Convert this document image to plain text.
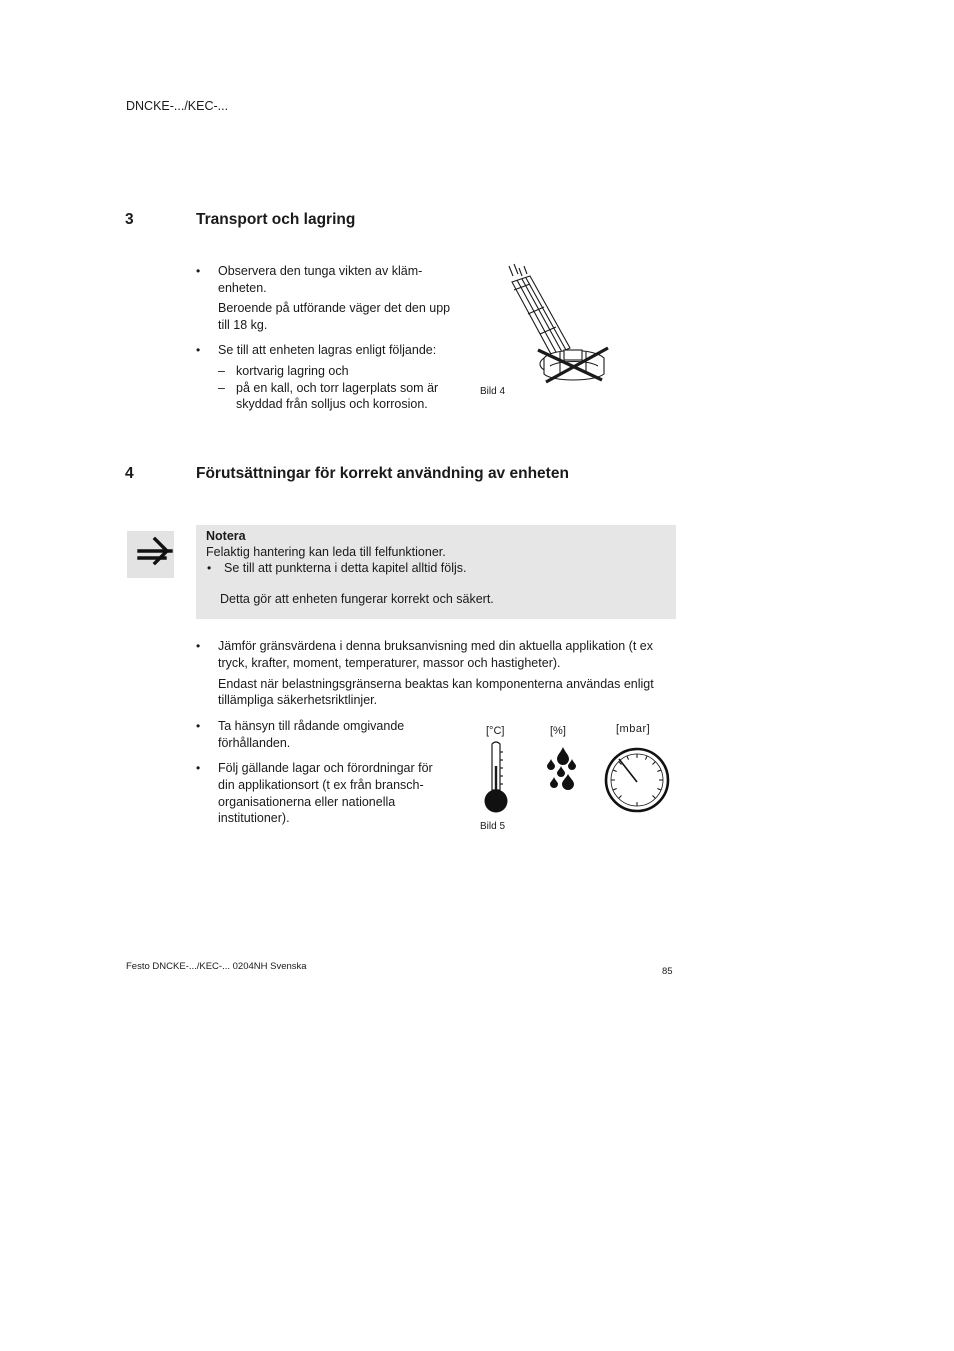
DNCKE-.../KEC-...
3	Transport och lagring
• Observera den tunga vikten av kläm-
enheten.
Beroende på utförande väger det den upp
till 18 kg.
• Se till att enheten lagras enligt följande:
– kortvarig lagring och
– på en kall, och torr lagerplats som är
skyddad från solljus och korrosion.
Bild 4
4	Förutsättningar för korrekt användning av enheten
Notera
Felaktig hantering kan leda till felfunktioner.
• Se till att punkterna i detta kapitel alltid följs.
Detta gör att enheten fungerar korrekt och säkert.
• Jämför gränsvärdena i denna bruksanvisning med din aktuella applikation (t ex
tryck, krafter, moment, temperaturer, massor och hastigheter).
Endast när belastningsgränserna beaktas kan komponenterna användas enligt
tillämpliga säkerhetsriktlinjer.
• Ta hänsyn till rådande omgivande
förhållanden.
• Följ gällande lagar och förordningar för
din applikationsort (t ex från bransch-
organisationerna eller nationella
institutioner).
[°C]	[%]	[mbar]
Bild 5
Festo DNCKE-.../KEC-... 0204NH Svenska	85
